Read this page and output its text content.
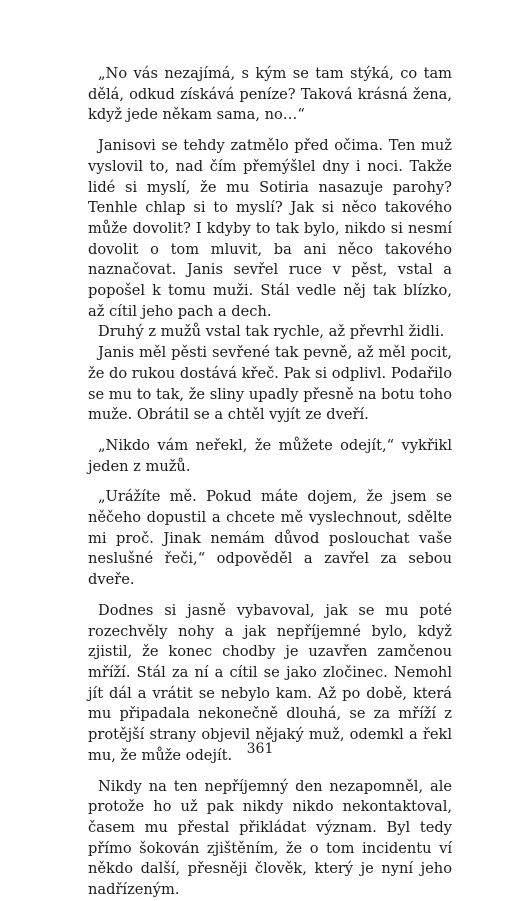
„No vás nezajímá, s kým se tam stýká, co tam dělá, odkud získává peníze? Taková krásná žena, když jede někam sama, no…“

Janisovi se tehdy zatmělo před očima. Ten muž vyslovil to, nad čím přemýšlel dny i noci. Takže lidé si myslí, že mu Sotiria nasazuje parohy? Tenhle chlap si to myslí? Jak si něco takového může dovolit? I kdyby to tak bylo, nikdo si nesmí dovolit o tom mluvit, ba ani něco takového naznačovat. Janis sevřel ruce v pěst, vstal a popošel k tomu muži. Stál vedle něj tak blízko, až cítil jeho pach a dech.

Druhý z mužů vstal tak rychle, až převrhl židli.

Janis měl pěsti sevřené tak pevně, až měl pocit, že do rukou dostává křeč. Pak si odplivl. Podařilo se mu to tak, že sliny upadly přesně na botu toho muže. Obrátil se a chtěl vyjít ze dveří.

„Nikdo vám neřekl, že můžete odejít,“ vykřikl jeden z mužů.

„Urážíte mě. Pokud máte dojem, že jsem se něčeho dopustil a chcete mě vyslechnout, sdělte mi proč. Jinak nemám důvod poslouchat vaše neslušné řeči,“ odpověděl a zavřel za sebou dveře.

Dodnes si jasně vybavoval, jak se mu poté rozechvěly nohy a jak nepříjemné bylo, když zjistil, že konec chodby je uzavřen zamčenou mříží. Stál za ní a cítil se jako zločinec. Nemohl jít dál a vrátit se nebylo kam. Až po době, která mu připadala nekonečně dlouhá, se za mříží z protější strany objevil nějaký muž, odemkl a řekl mu, že může odejít.

Nikdy na ten nepříjemný den nezapomněl, ale protože ho už pak nikdy nikdo nekontaktoval, časem mu přestal přikládat význam. Byl tedy přímo šokován zjištěním, že o tom incidentu ví někdo další, přesněji člověk, který je nyní jeho nadřízeným.

361
